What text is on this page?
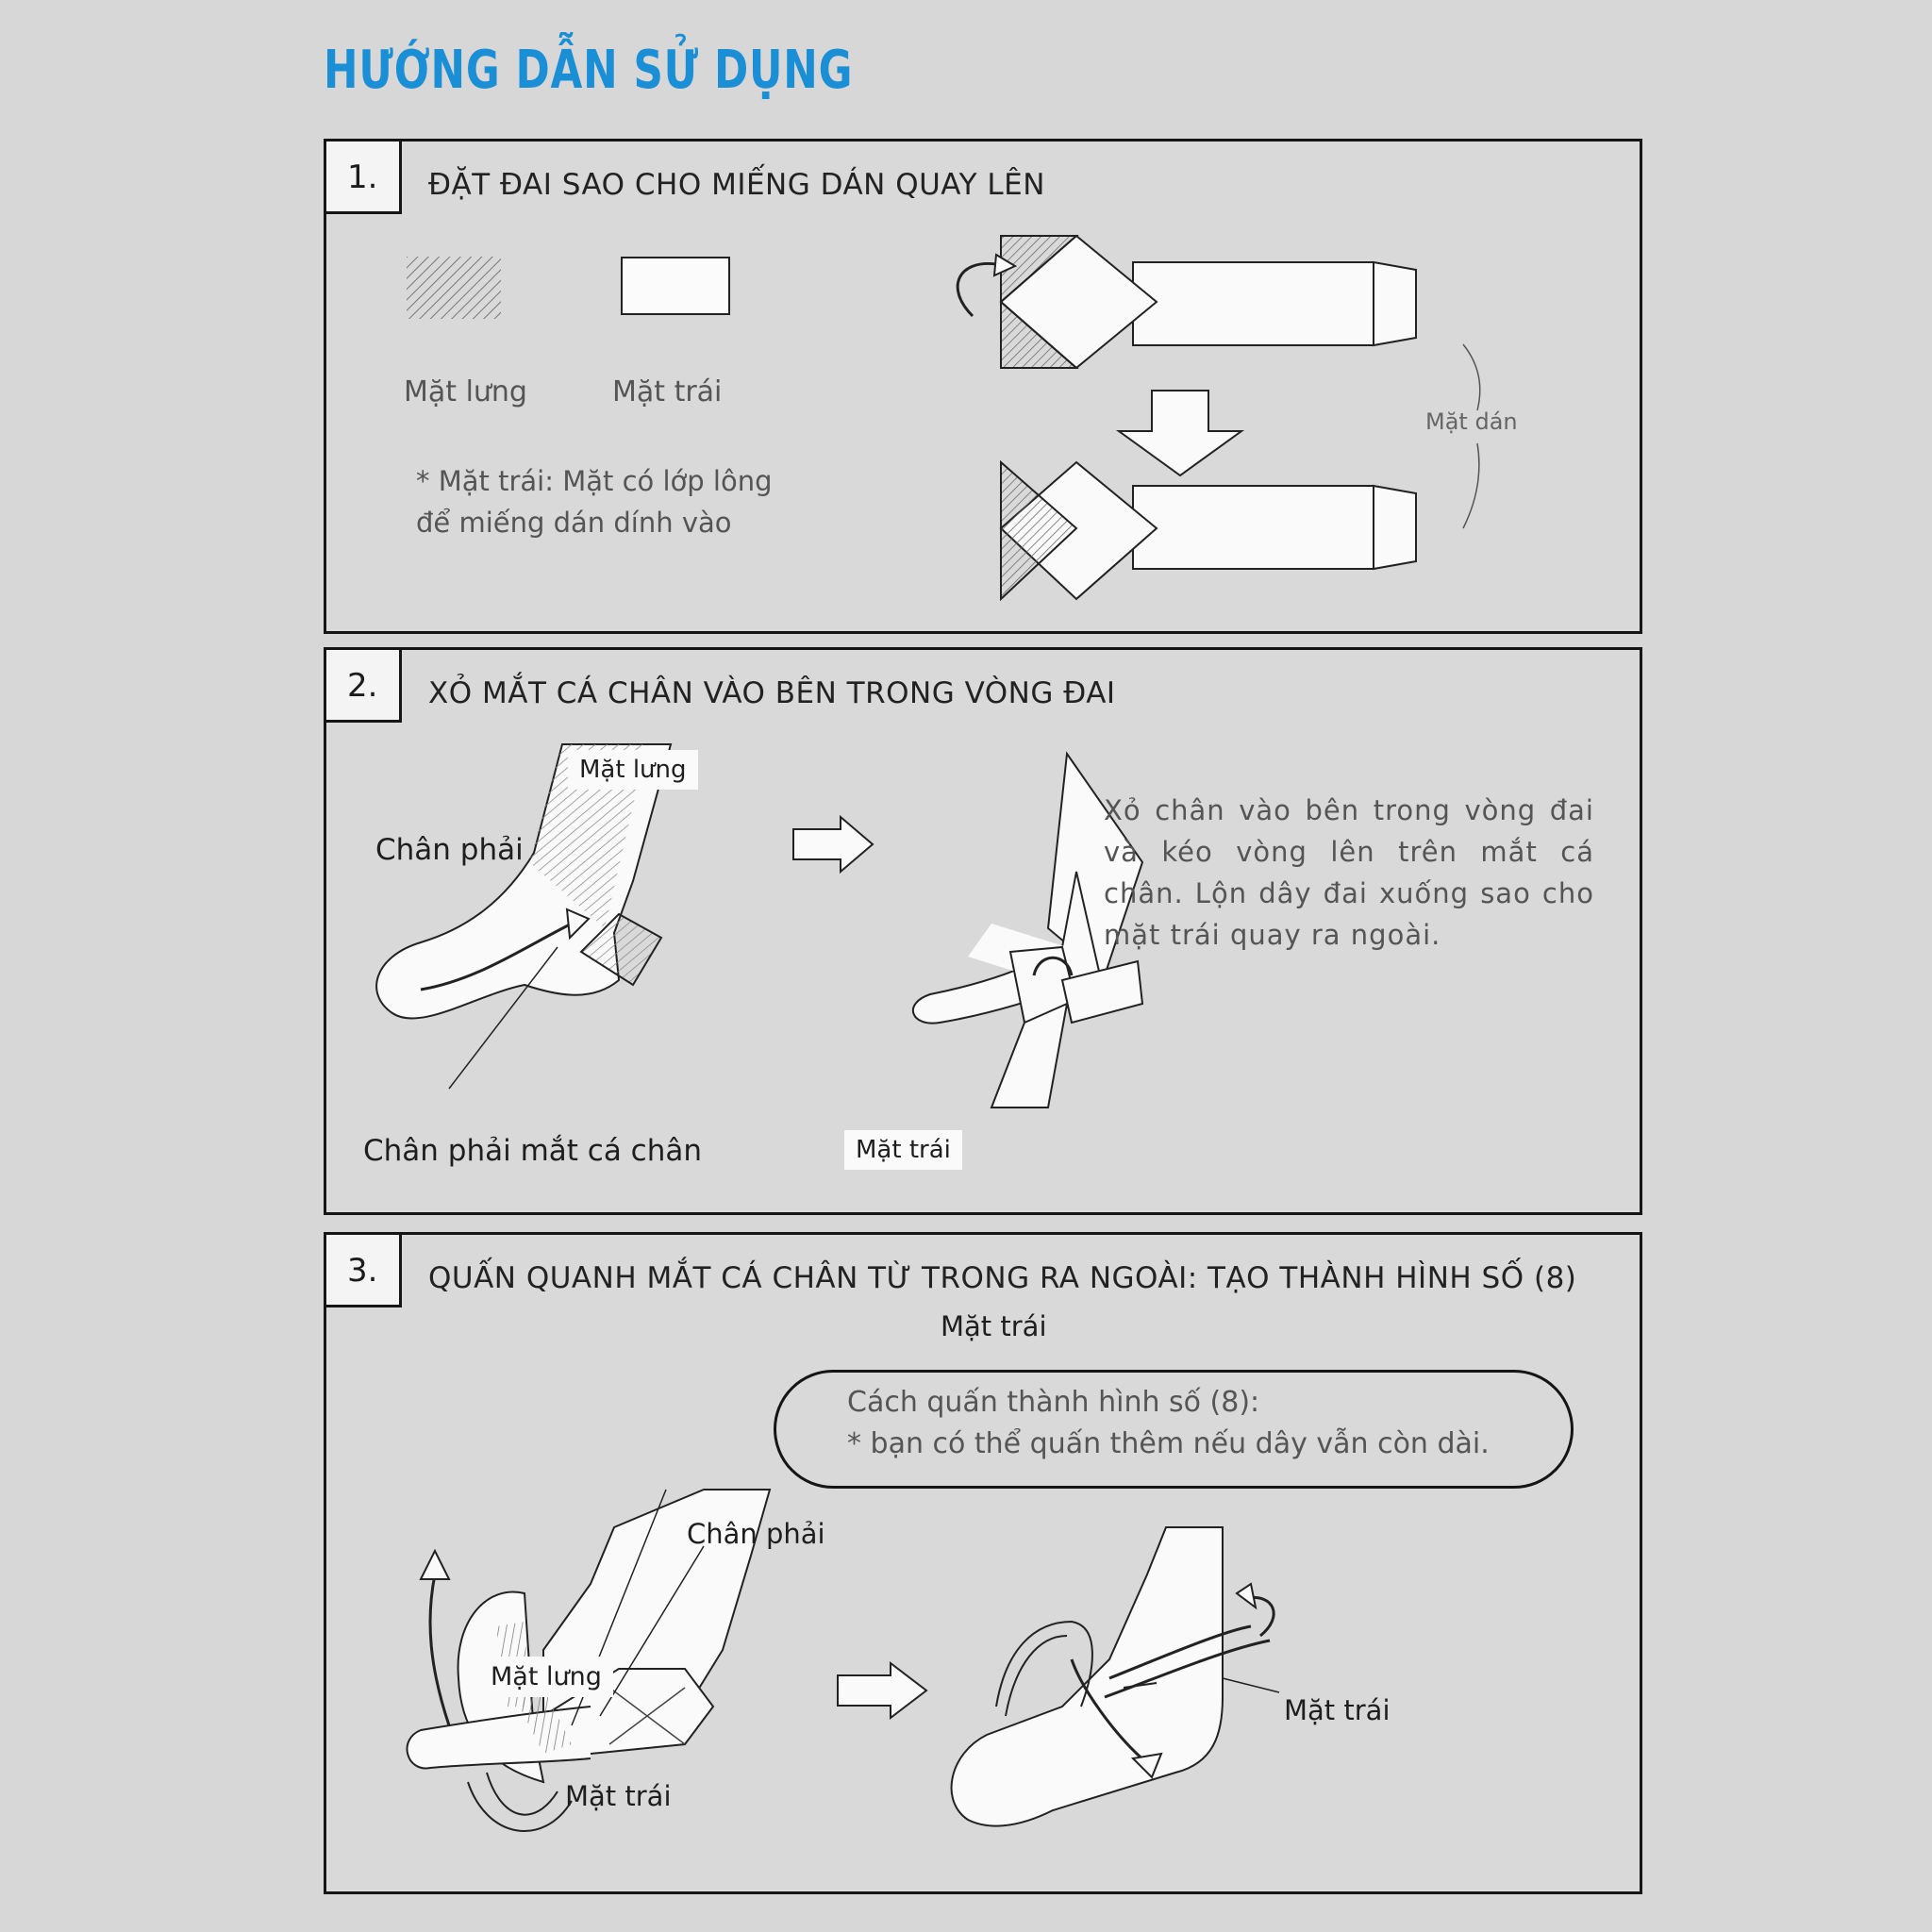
HƯỚNG DẪN SỬ DỤNG
1.	ĐẶT ĐAI SAO CHO MIẾNG DÁN QUAY LÊN
Mặt lưng	Mặt trái
* Mặt trái: Mặt có lớp lông
để miếng dán dính vào
Mặt dán
2.	XỎ MẮT CÁ CHÂN VÀO BÊN TRONG VÒNG ĐAI
Mặt lưng
Chân phải
Chân phải mắt cá chân	Mặt trái
Xỏ chân vào bên trong vòng đai và kéo vòng lên trên mắt cá chân. Lộn dây đai xuống sao cho mặt trái quay ra ngoài.
3.	QUẤN QUANH MẮT CÁ CHÂN TỪ TRONG RA NGOÀI: TẠO THÀNH HÌNH SỐ (8)
Mặt trái
Cách quấn thành hình số (8):
* bạn có thể quấn thêm nếu dây vẫn còn dài.
Chân phải
Mặt lưng
Mặt trái
Mặt trái
